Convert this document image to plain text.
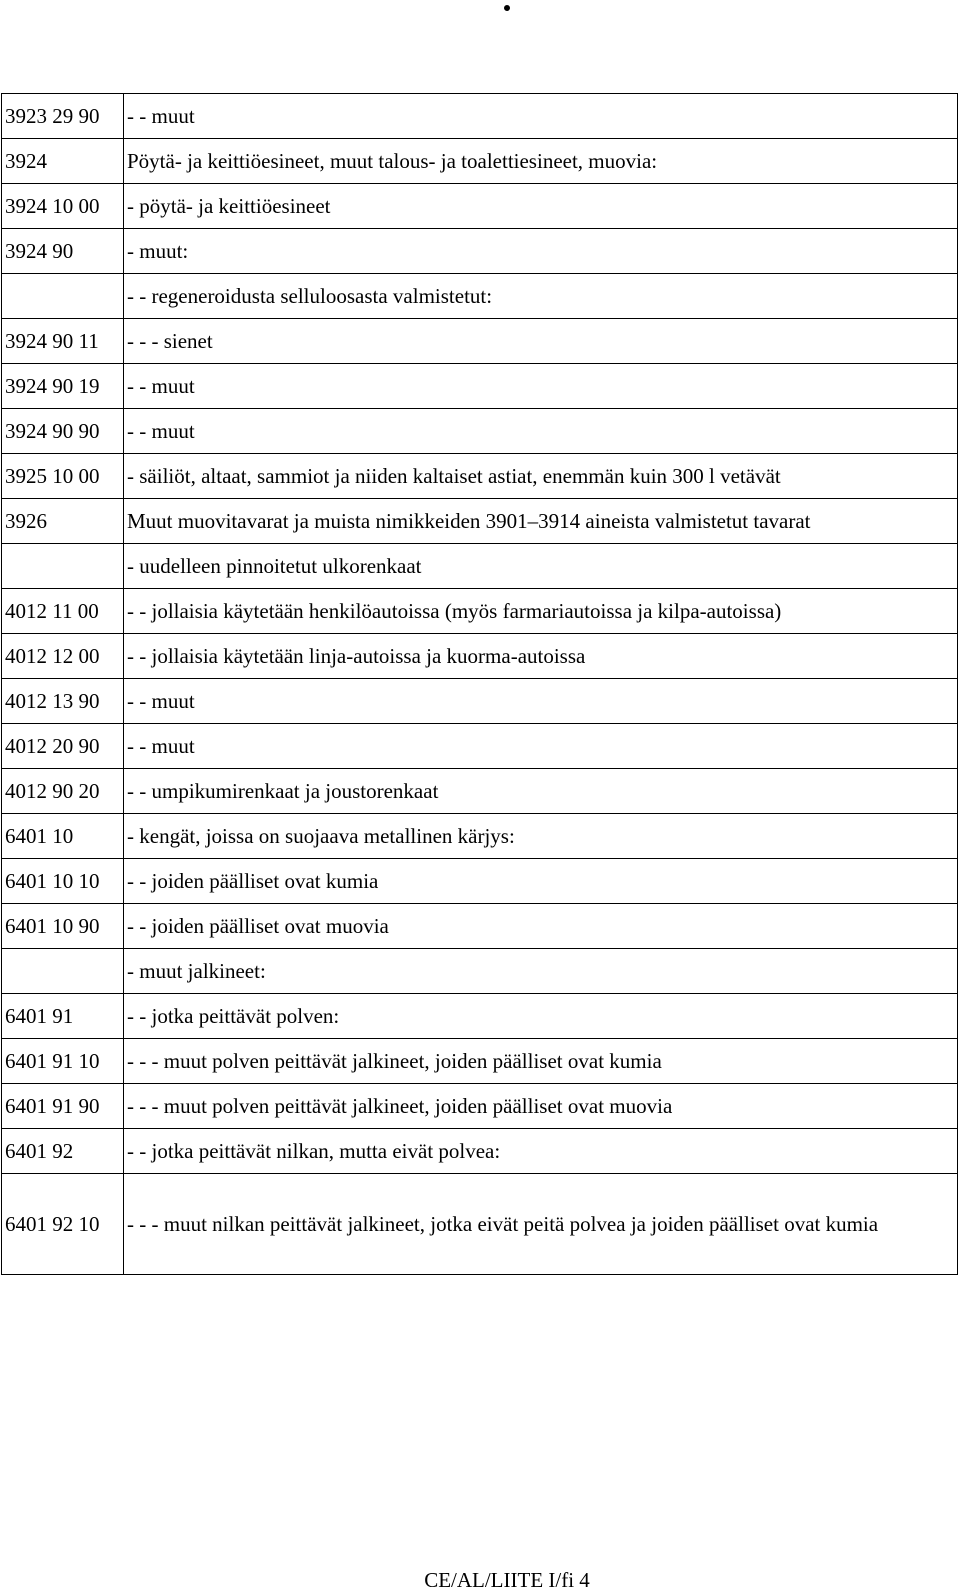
3923 29 90	- - muut
3924	Pöytä- ja keittiöesineet, muut talous- ja toalettiesineet, muovia:
3924 10 00	- pöytä- ja keittiöesineet
3924 90	- muut:
	- - regeneroidusta selluloosasta valmistetut:
3924 90 11	- - - sienet
3924 90 19	- - muut
3924 90 90	- - muut
3925 10 00	- säiliöt, altaat, sammiot ja niiden kaltaiset astiat, enemmän kuin 300 l vetävät
3926	Muut muovitavarat ja muista nimikkeiden 3901–3914 aineista valmistetut tavarat
	- uudelleen pinnoitetut ulkorenkaat
4012 11 00	- - jollaisia käytetään henkilöautoissa (myös farmariautoissa ja kilpa-autoissa)
4012 12 00	- - jollaisia käytetään linja-autoissa ja kuorma-autoissa
4012 13 90	- - muut
4012 20 90	- - muut
4012 90 20	- - umpikumirenkaat ja joustorenkaat
6401 10	- kengät, joissa on suojaava metallinen kärjys:
6401 10 10	- - joiden päälliset ovat kumia
6401 10 90	- - joiden päälliset ovat muovia
	- muut jalkineet:
6401 91	- - jotka peittävät polven:
6401 91 10	- - - muut polven peittävät jalkineet, joiden päälliset ovat kumia
6401 91 90	- - - muut polven peittävät jalkineet, joiden päälliset ovat muovia
6401 92	- - jotka peittävät nilkan, mutta eivät polvea:
6401 92 10	- - - muut nilkan peittävät jalkineet, jotka eivät peitä polvea ja joiden päälliset ovat kumia
CE/AL/LIITE I/fi 4
